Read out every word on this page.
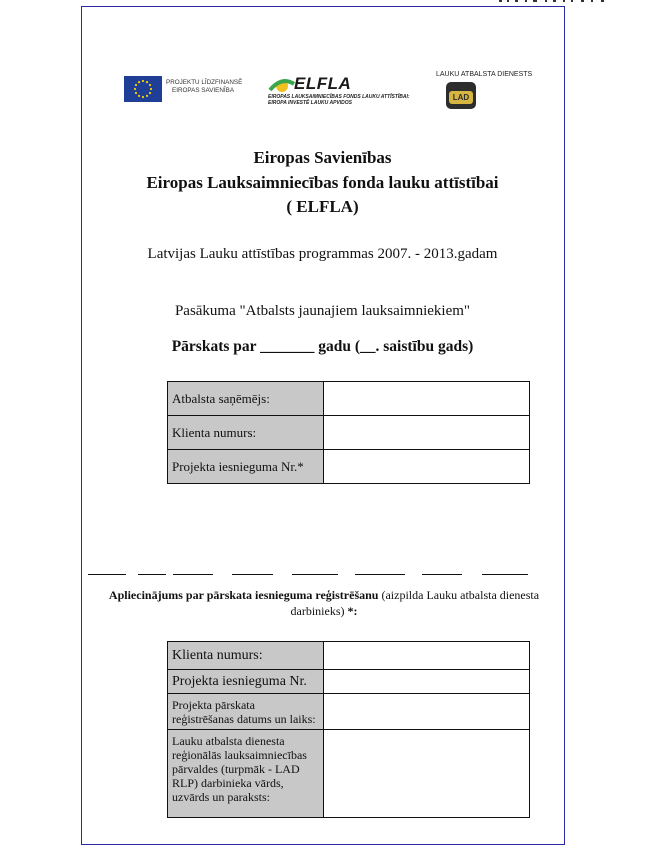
PROJEKTU LĪDZFINANSĒ
EIROPAS SAVIENĪBA	ELFLA
EIROPAS LAUKSAIMNIECĪBAS FONDS LAUKU ATTĪSTĪBAI:
EIROPA INVESTĒ LAUKU APVIDOS
LAUKU ATBALSTA DIENESTS
LAD
Eiropas Savienības
Eiropas Lauksaimniecības fonda lauku attīstībai
( ELFLA)
Latvijas Lauku attīstības programmas 2007. - 2013.gadam
Pasākuma "Atbalsts jaunajiem lauksaimniekiem"
Pārskats par _______ gadu (__. saistību gads)
Atbalsta saņēmējs:	
Klienta numurs:	
Projekta iesnieguma Nr.*	
Apliecinājums par pārskata iesnieguma reģistrēšanu (aizpilda Lauku atbalsta dienesta darbinieks) *:
Klienta numurs:	
Projekta iesnieguma Nr.	
Projekta pārskata reģistrēšanas datums un laiks:	
Lauku atbalsta dienesta reģionālās lauksaimniecības pārvaldes (turpmāk - LAD RLP) darbinieka vārds, uzvārds un paraksts:	
